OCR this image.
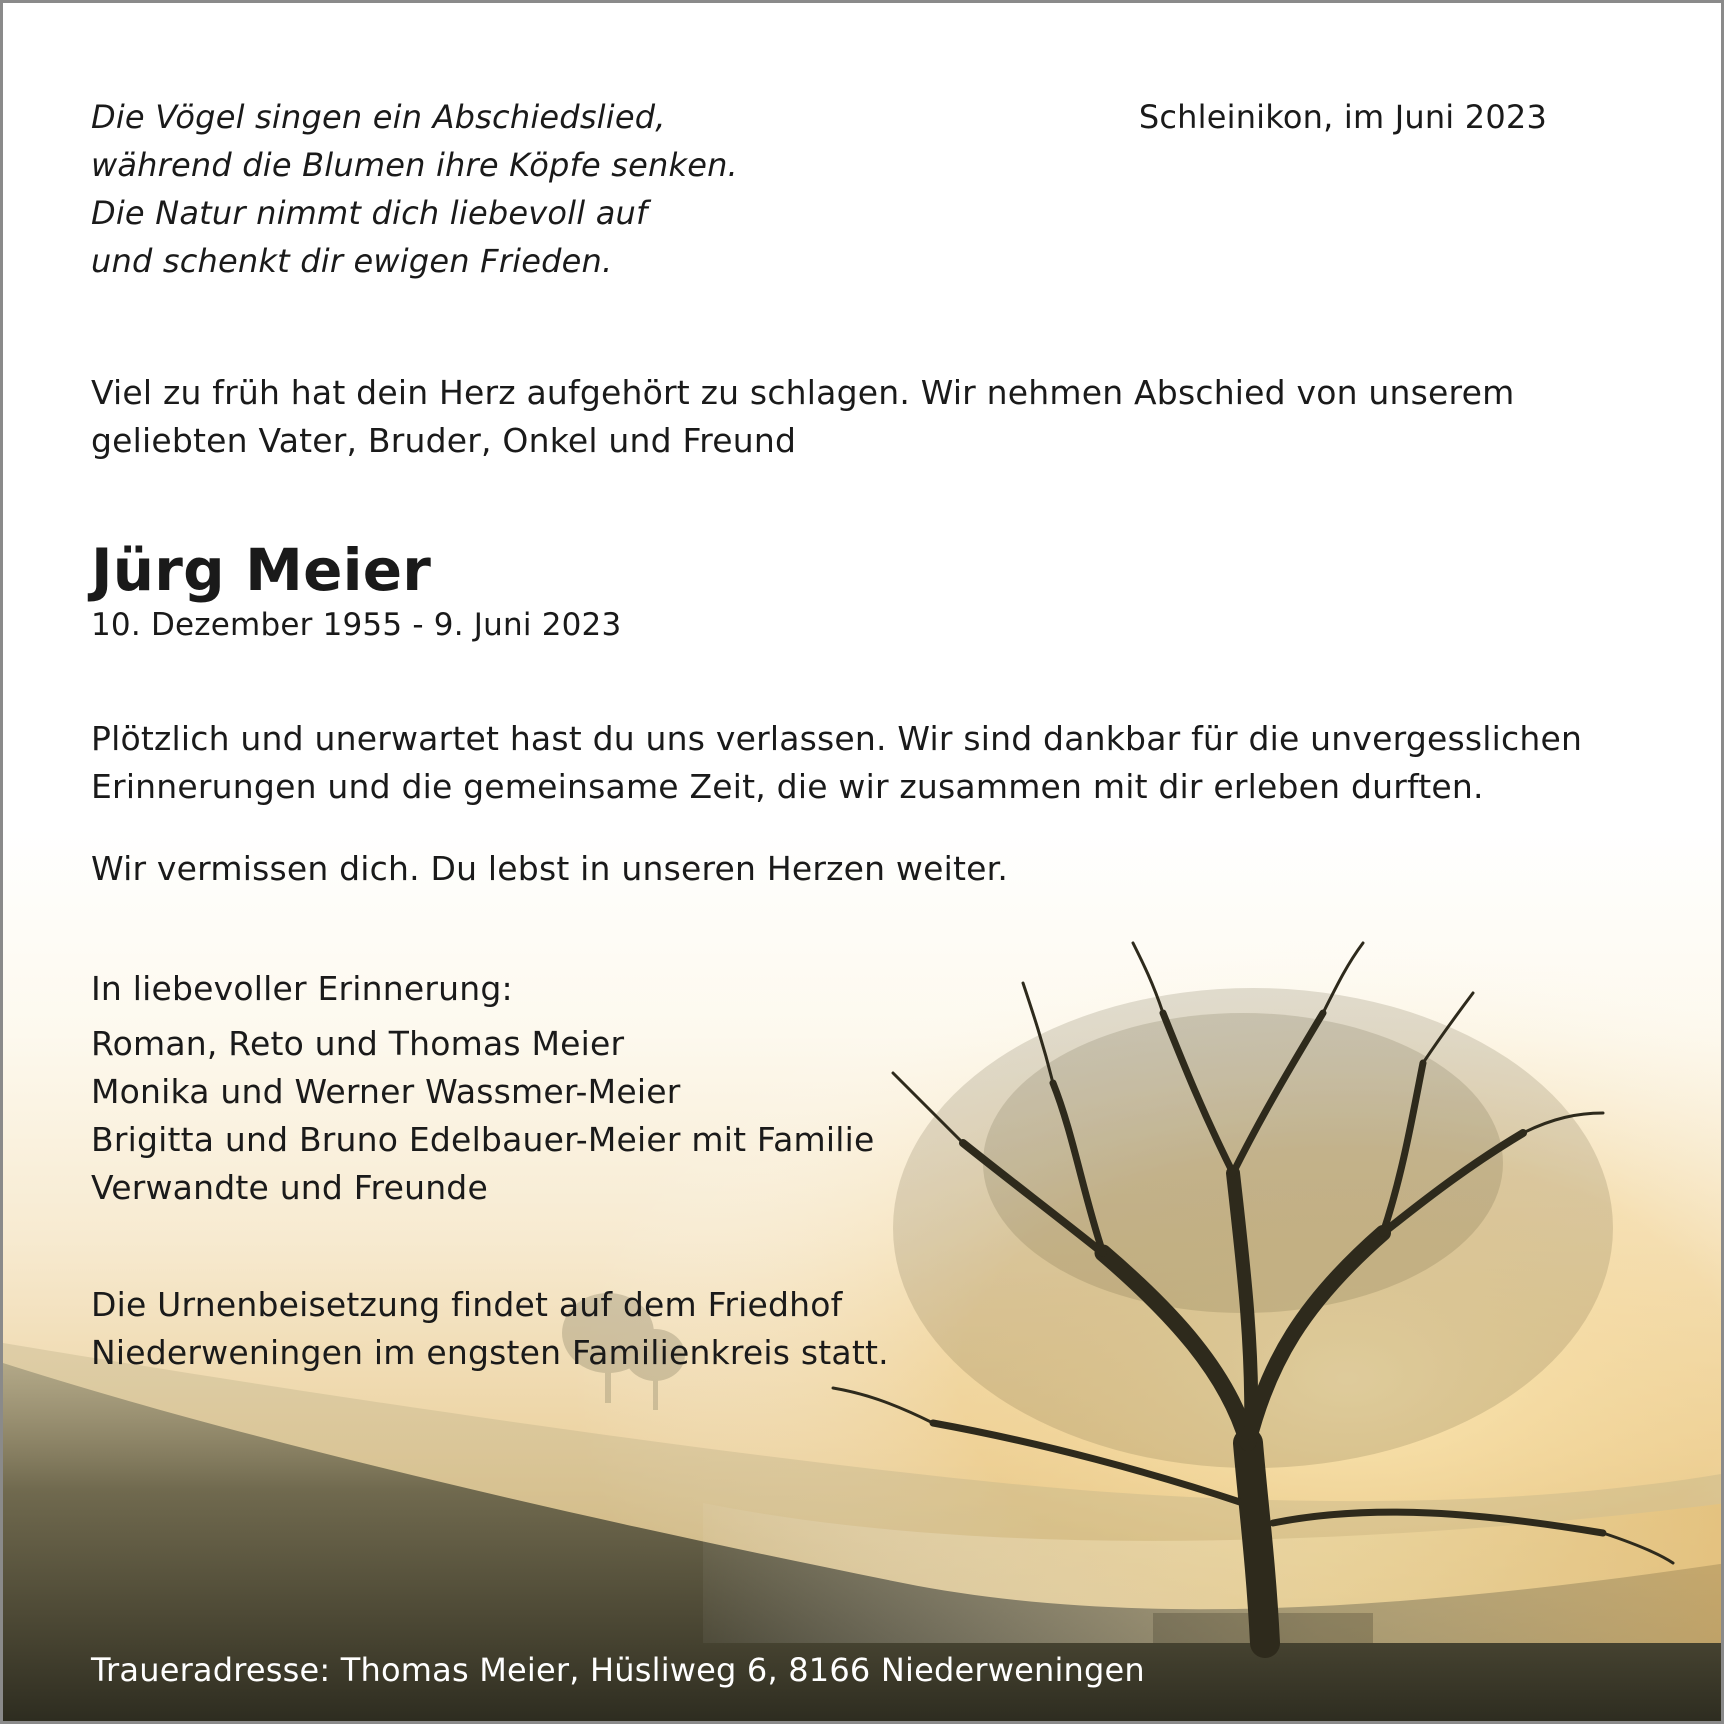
Die Vögel singen ein Abschiedslied,
während die Blumen ihre Köpfe senken.
Die Natur nimmt dich liebevoll auf
und schenkt dir ewigen Frieden.
Schleinikon, im Juni 2023

Viel zu früh hat dein Herz aufgehört zu schlagen. Wir nehmen Abschied von unserem geliebten Vater, Bruder, Onkel und Freund

Jürg Meier
10. Dezember 1955 - 9. Juni 2023

Plötzlich und unerwartet hast du uns verlassen. Wir sind dankbar für die unvergesslichen Erinnerungen und die gemeinsame Zeit, die wir zusammen mit dir erleben durften.

Wir vermissen dich. Du lebst in unseren Herzen weiter.

In liebevoller Erinnerung:
Roman, Reto und Thomas Meier
Monika und Werner Wassmer-Meier
Brigitta und Bruno Edelbauer-Meier mit Familie
Verwandte und Freunde

Die Urnenbeisetzung findet auf dem Friedhof Niederweningen im engsten Familienkreis statt.

Traueradresse: Thomas Meier, Hüsliweg 6, 8166 Niederweningen
